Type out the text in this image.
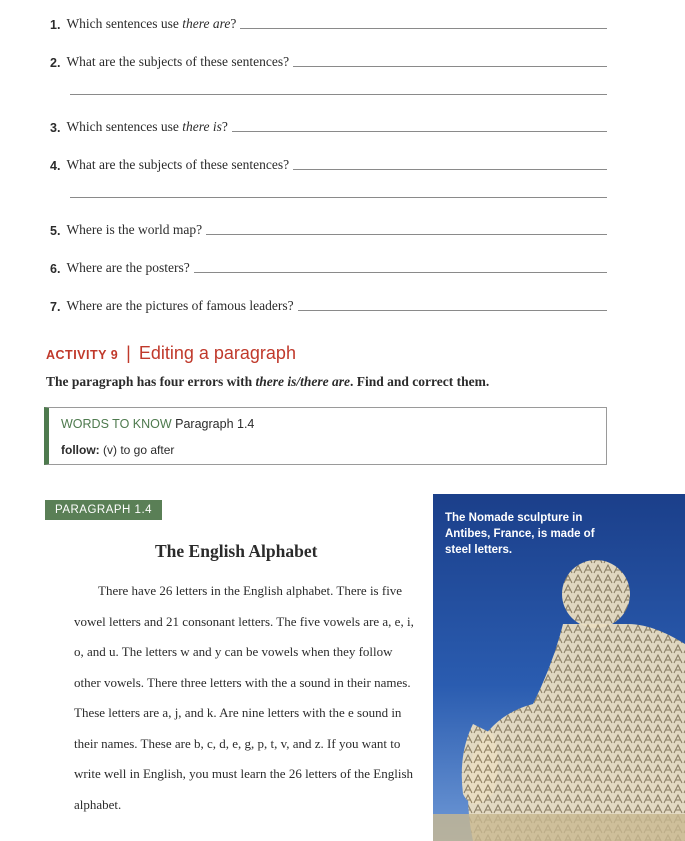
1. Which sentences use there are?
2. What are the subjects of these sentences?
3. Which sentences use there is?
4. What are the subjects of these sentences?
5. Where is the world map?
6. Where are the posters?
7. Where are the pictures of famous leaders?
ACTIVITY 9 | Editing a paragraph
The paragraph has four errors with there is/there are. Find and correct them.
WORDS TO KNOW Paragraph 1.4
follow: (v) to go after
PARAGRAPH 1.4
The English Alphabet

There have 26 letters in the English alphabet. There is five vowel letters and 21 consonant letters. The five vowels are a, e, i, o, and u. The letters w and y can be vowels when they follow other vowels. There three letters with the a sound in their names. These letters are a, j, and k. Are nine letters with the e sound in their names. These are b, c, d, e, g, p, t, v, and z. If you want to write well in English, you must learn the 26 letters of the English alphabet.

The Nomade sculpture in Antibes, France, is made of steel letters.
